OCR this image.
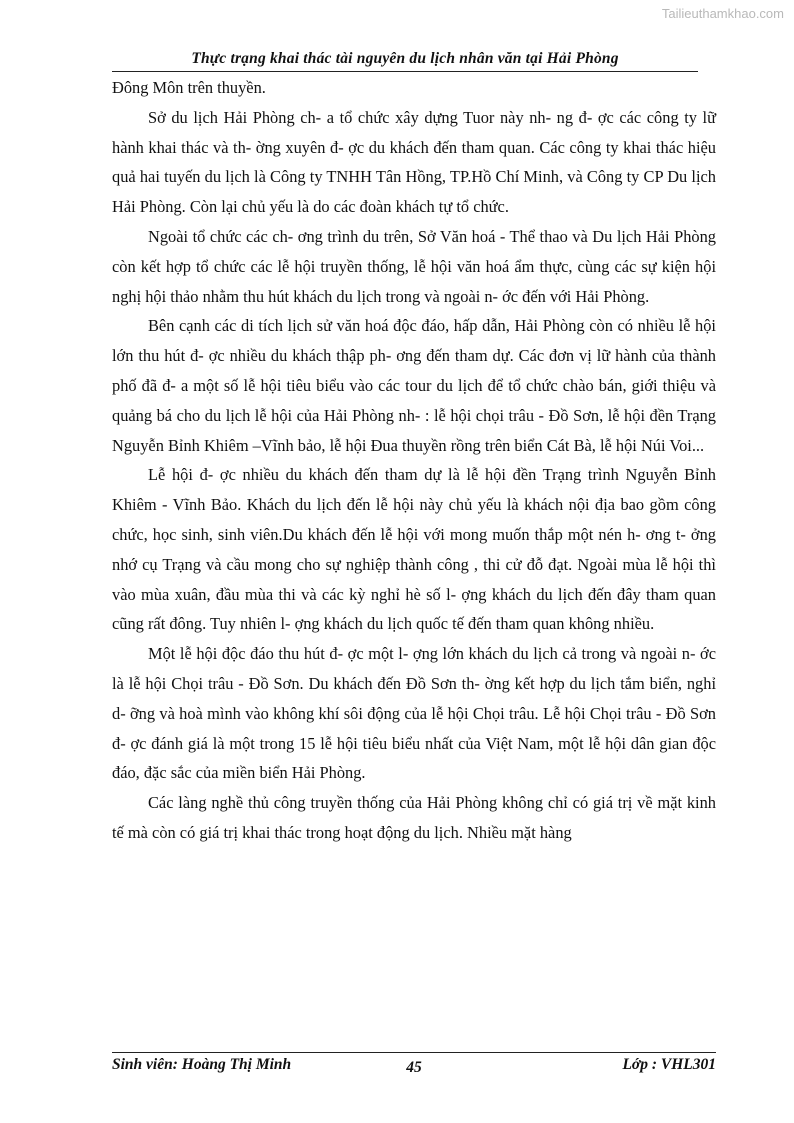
Tailieuthamkhao.com
Thực trạng khai thác tài nguyên du lịch nhân văn tại Hải Phòng

Đông Môn trên thuyền.

Sở du lịch Hải Phòng ch- a tổ chức xây dựng Tuor này nh- ng đ- ợc các công ty lữ hành khai thác và th- ờng xuyên đ- ợc du khách đến tham quan. Các công ty khai thác hiệu quả hai tuyến du lịch là Công ty TNHH Tân Hồng, TP.Hồ Chí Minh, và Công ty CP Du lịch Hải Phòng. Còn lại chủ yếu là do các đoàn khách tự tổ chức.

Ngoài tổ chức các ch- ơng trình du trên, Sở Văn hoá - Thể thao và Du lịch Hải Phòng còn kết hợp tổ chức các lễ hội truyền thống, lễ hội văn hoá ẩm thực, cùng các sự kiện hội nghị hội thảo nhằm thu hút khách du lịch trong và ngoài n- ớc đến với Hải Phòng.

Bên cạnh các di tích lịch sử văn hoá độc đáo, hấp dẫn, Hải Phòng còn có nhiều lễ hội lớn thu hút đ- ợc nhiều du khách thập ph- ơng đến tham dự. Các đơn vị lữ hành của thành phố đã đ- a một số lễ hội tiêu biểu vào các tour du lịch để tổ chức chào bán, giới thiệu và quảng bá cho du lịch lễ hội của Hải Phòng nh- : lễ hội chọi trâu - Đồ Sơn, lễ hội đền Trạng Nguyễn Bỉnh Khiêm –Vĩnh bảo, lễ hội Đua thuyền rồng trên biển Cát Bà, lễ hội Núi Voi...

Lễ hội đ- ợc nhiều du khách đến tham dự là lễ hội đền Trạng trình Nguyễn Bỉnh Khiêm - Vĩnh Bảo. Khách du lịch đến lễ hội này chủ yếu là khách nội địa bao gồm công chức, học sinh, sinh viên.Du khách đến lễ hội với mong muốn thắp một nén h- ơng t- ởng nhớ cụ Trạng và cầu mong cho sự nghiệp thành công , thi cử đỗ đạt. Ngoài mùa lễ hội thì vào mùa xuân, đầu mùa thi và các kỳ nghỉ hè số l- ợng khách du lịch đến đây tham quan cũng rất đông. Tuy nhiên l- ợng khách du lịch quốc tế đến tham quan không nhiều.

Một lễ hội độc đáo thu hút đ- ợc một l- ợng lớn khách du lịch cả trong và ngoài n- ớc là lễ hội Chọi trâu - Đồ Sơn. Du khách đến Đồ Sơn th- ờng kết hợp du lịch tắm biển, nghỉ d- ỡng và hoà mình vào không khí sôi động của lễ hội Chọi trâu. Lễ hội Chọi trâu - Đồ Sơn đ- ợc đánh giá là một trong 15 lễ hội tiêu biểu nhất của Việt Nam, một lễ hội dân gian độc đáo, đặc sắc của miền biển Hải Phòng.

Các làng nghề thủ công truyền thống của Hải Phòng không chỉ có giá trị về mặt kinh tế mà còn có giá trị khai thác trong hoạt động du lịch. Nhiều mặt hàng

Sinh viên: Hoàng Thị Minh	45	Lớp : VHL301
